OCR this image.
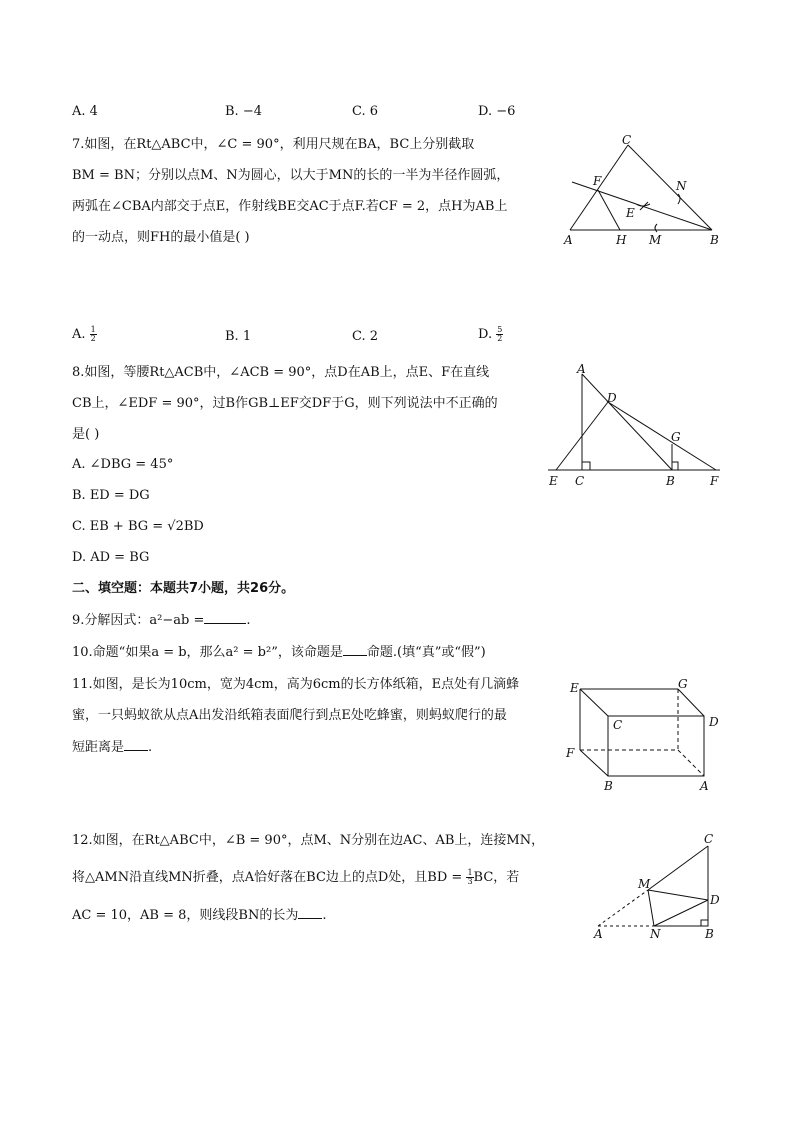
A. 4	B. −4	C. 6	D. −6
7.如图，在Rt△ABC中，∠C = 90°，利用尺规在BA，BC上分别截取
BM = BN；分别以点M、N为圆心，以大于MN的长的一半为半径作圆弧，
两弧在∠CBA内部交于点E，作射线BE交AC于点F.若CF = 2，点H为AB上
的一动点，则FH的最小值是( )
C
F	N
E
A	H M	B
A. $\frac{1}{2}$	B. 1	C. 2	D. $\frac{5}{2}$
8.如图，等腰Rt△ACB中，∠ACB = 90°，点D在AB上，点E、F在直线
CB上，∠EDF = 90°，过B作GB⊥EF交DF于G，则下列说法中不正确的
是( )
A. ∠DBG = 45°
B. ED = DG
C. EB + BG = √2BD
D. AD = BG
A
D
G
E C	B	F
二、填空题：本题共7小题，共26分。
9.分解因式：a²−ab =	.
10.命题“如果a = b，那么a² = b²”，该命题是 命题.(填“真”或“假”)
11.如图，是长为10cm，宽为4cm，高为6cm的长方体纸箱，E点处有几滴蜂
蜜，一只蚂蚁欲从点A出发沿纸箱表面爬行到点E处吃蜂蜜，则蚂蚁爬行的最
短距离是 .
E	G
C	D
F
B	A
12.如图，在Rt△ABC中，∠B = 90°，点M、N分别在边AC、AB上，连接MN，
将△AMN沿直线MN折叠，点A恰好落在BC边上的点D处，且BD = $\frac{1}{3}$ BC，若
AC = 10，AB = 8，则线段BN的长为 .
C
M
D
A	N	B
